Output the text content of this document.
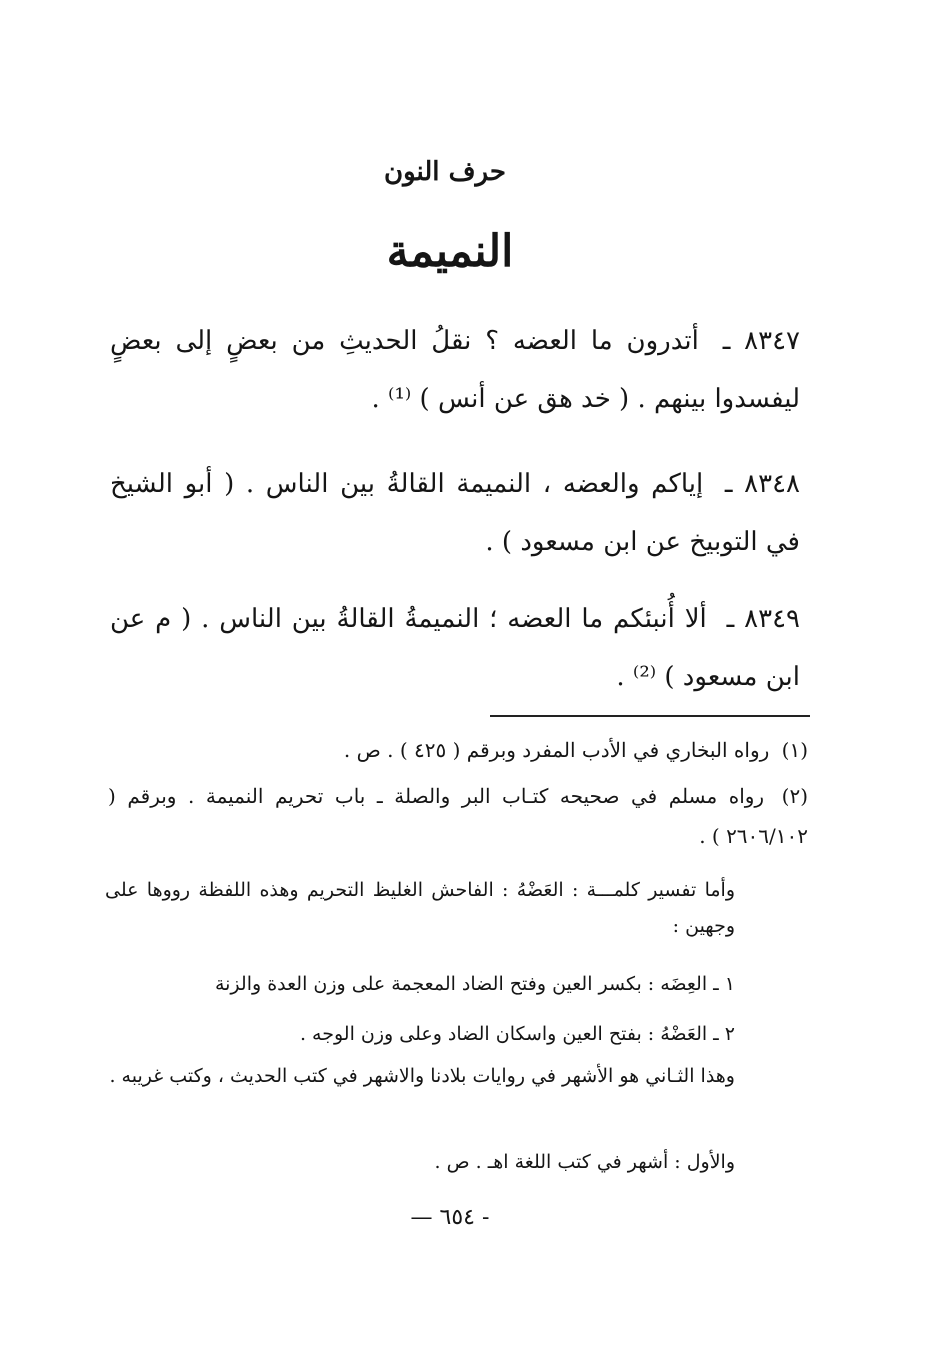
حرف النون
النميمة
٨٣٤٧ ـ أتدرون ما العضه ؟ نقلُ الحديثِ من بعضٍ إلى بعضٍ ليفسدوا بينهم . ( خد هق عن أنس ) ⁽¹⁾ .
٨٣٤٨ ـ إياكم والعضه ، النميمة القالةُ بين الناس . ( أبو الشيخ في التوبيخ عن ابن مسعود ) .
٨٣٤٩ ـ ألا أُنبئكم ما العضه ؛ النميمةُ القالةُ بين الناس . ( م عن ابن مسعود ) ⁽²⁾ .
(١) رواه البخاري في الأدب المفرد وبرقم ( ٤٢٥ ) . ص .
(٢) رواه مسلم في صحيحه كتـاب البر والصلة ـ باب تحريم النميمة . وبرقم ( ٢٦٠٦/١٠٢ ) .
وأما تفسير كلمـــة : العَضْهُ : الفاحش الغليظ التحريم وهذه اللفظة رووها على وجهين :
١ ـ العِضَه : بكسر العين وفتح الضاد المعجمة على وزن العدة والزنة
٢ ـ العَضْهُ : بفتح العين واسكان الضاد وعلى وزن الوجه .
وهذا الثـاني هو الأشهر في روايات بلادنا والاشهر في كتب الحديث ، وكتب غريبه .
والأول : أشهر في كتب اللغة اهـ . ص .
— ٦٥٤ -
